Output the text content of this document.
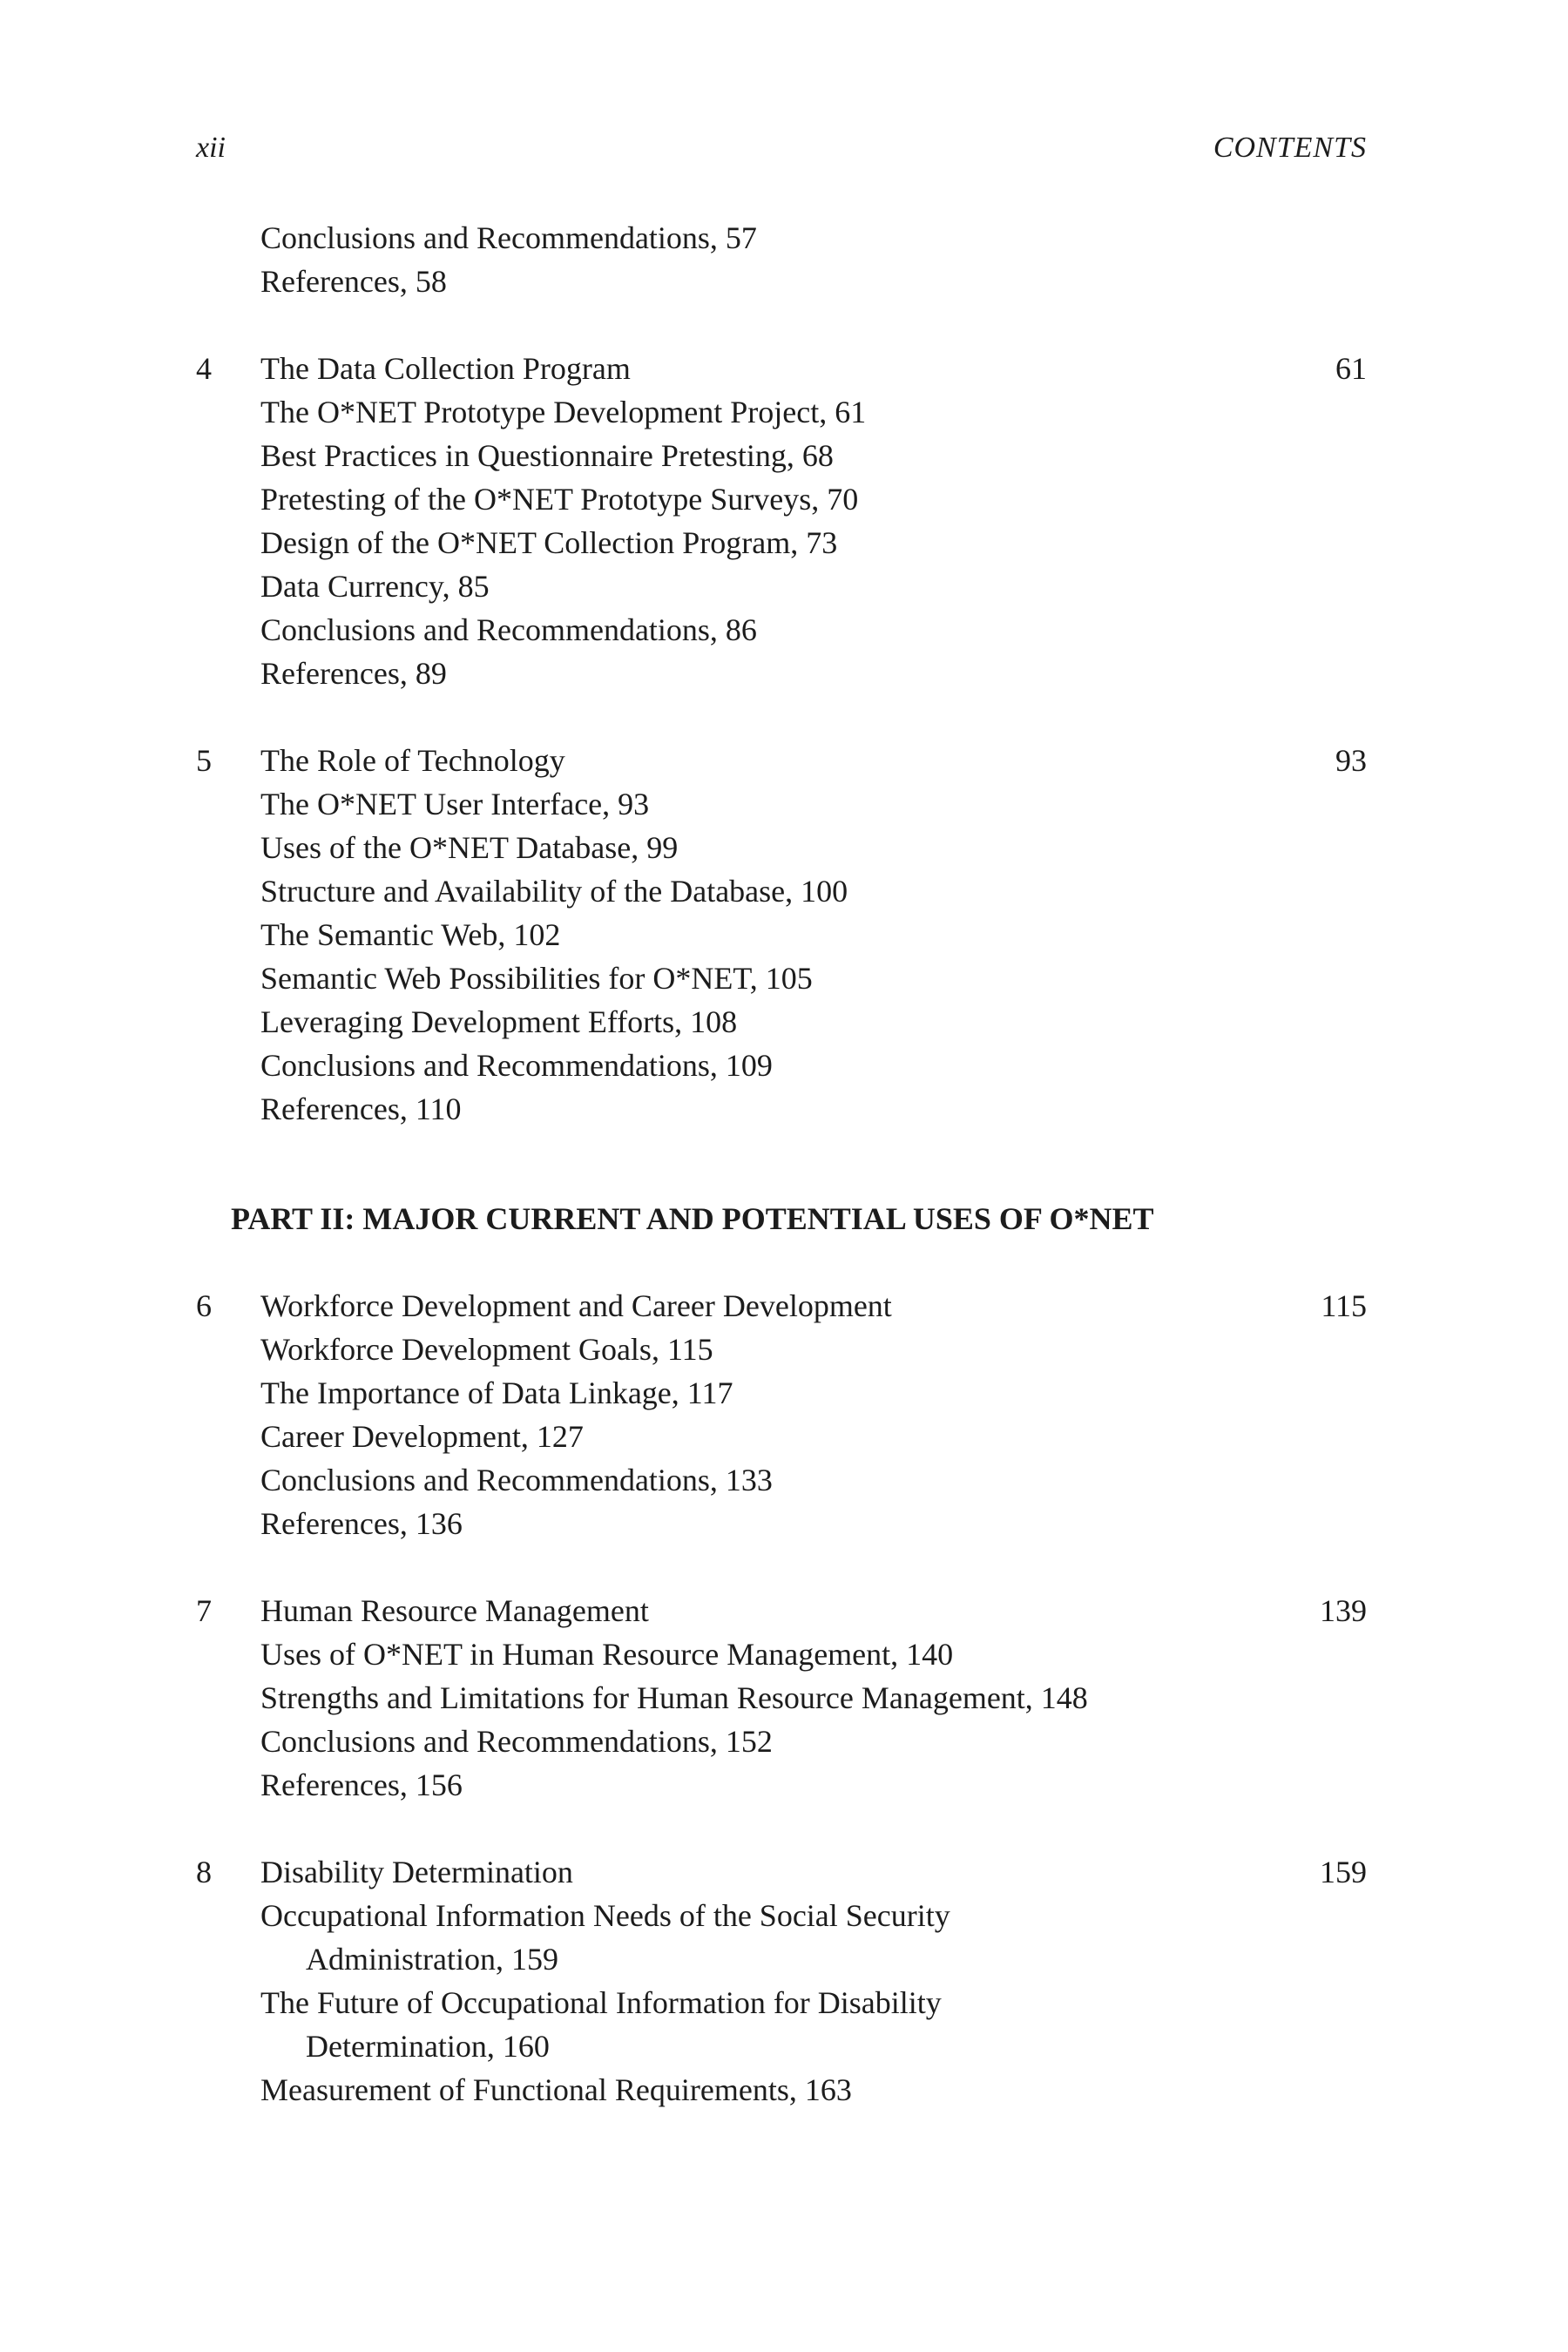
xii	CONTENTS
Conclusions and Recommendations, 57
References, 58
4	The Data Collection Program	61
The O*NET Prototype Development Project, 61
Best Practices in Questionnaire Pretesting, 68
Pretesting of the O*NET Prototype Surveys, 70
Design of the O*NET Collection Program, 73
Data Currency, 85
Conclusions and Recommendations, 86
References, 89
5	The Role of Technology	93
The O*NET User Interface, 93
Uses of the O*NET Database, 99
Structure and Availability of the Database, 100
The Semantic Web, 102
Semantic Web Possibilities for O*NET, 105
Leveraging Development Efforts, 108
Conclusions and Recommendations, 109
References, 110
PART II: MAJOR CURRENT AND POTENTIAL USES OF O*NET
6	Workforce Development and Career Development	115
Workforce Development Goals, 115
The Importance of Data Linkage, 117
Career Development, 127
Conclusions and Recommendations, 133
References, 136
7	Human Resource Management	139
Uses of O*NET in Human Resource Management, 140
Strengths and Limitations for Human Resource Management, 148
Conclusions and Recommendations, 152
References, 156
8	Disability Determination	159
Occupational Information Needs of the Social Security
Administration, 159
The Future of Occupational Information for Disability
Determination, 160
Measurement of Functional Requirements, 163
